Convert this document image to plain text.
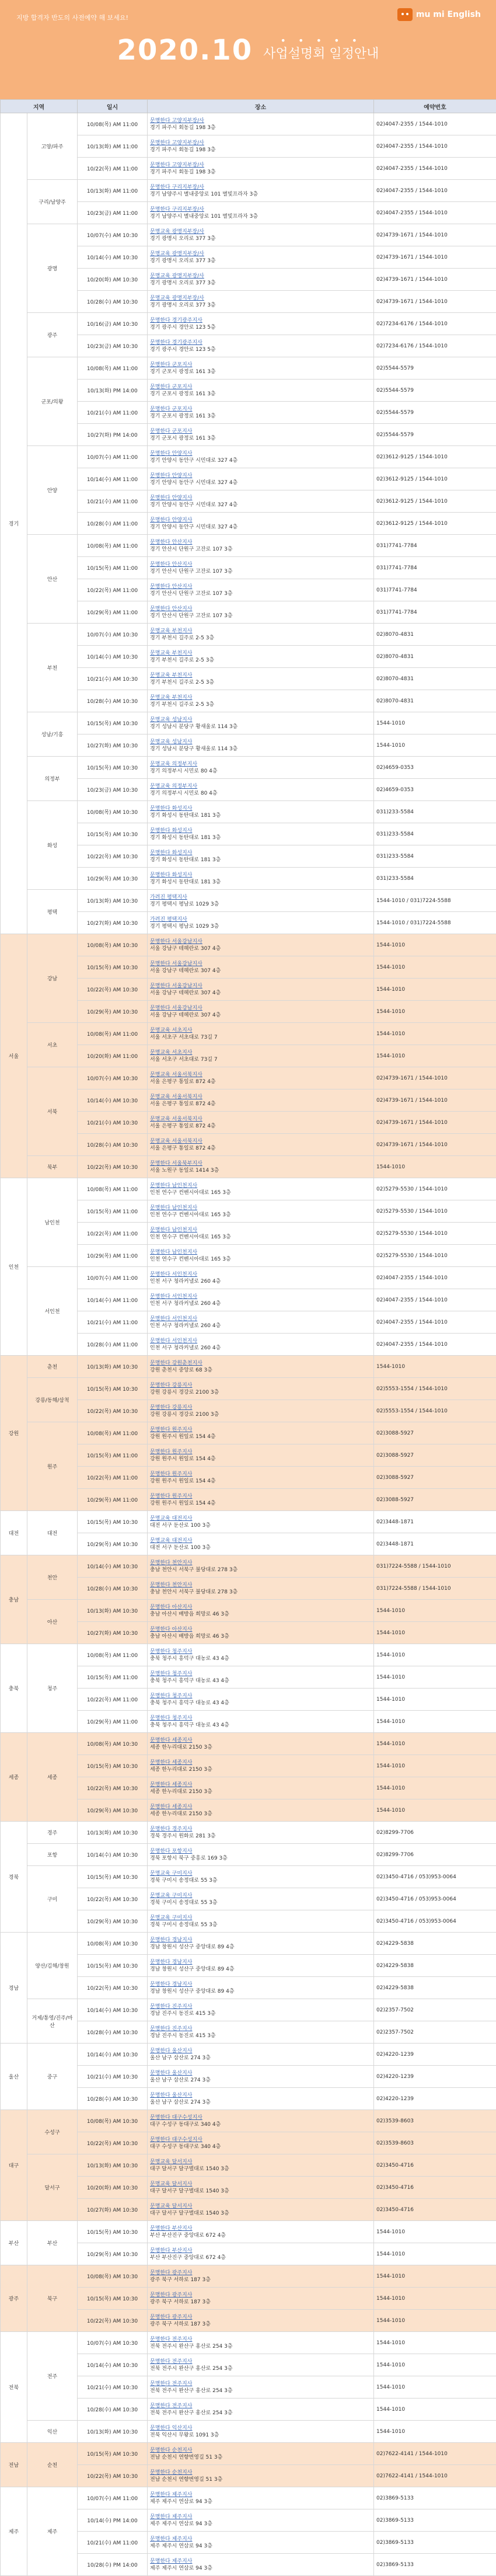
지방 합격자 반도의 사전예약 해 보세요!	mu mi English
2020.10	• • • • •
사업설명회 일정안내
지역		일시	장소	예약번호
경기	고양/파주	10/08(목) AM 11:00	문명한다 고양지부장/사
경기 파주시 회동길 198 3층	02)4047-2355 / 1544-1010
		10/13(화) AM 11:00	문명한다 고양지부장/사
경기 파주시 회동길 198 3층	02)4047-2355 / 1544-1010
		10/22(목) AM 11:00	문명한다 고양지부장/사
경기 파주시 회동길 198 3층	02)4047-2355 / 1544-1010
	구리/남양주	10/13(화) AM 11:00	문명한다 구리지부장/사
경기 남양주시 별내중앙로 101 별빛프라자 3층	02)4047-2355 / 1544-1010
		10/23(금) AM 11:00	문명한다 구리지부장/사
경기 남양주시 별내중앙로 101 별빛프라자 3층	02)4047-2355 / 1544-1010
	광명	10/07(수) AM 10:30	문명교육 광명지부장/사
경기 광명시 오리로 377 3층	02)4739-1671 / 1544-1010
		10/14(수) AM 10:30	문명교육 광명지부장/사
경기 광명시 오리로 377 3층	02)4739-1671 / 1544-1010
		10/20(화) AM 10:30	문명교육 광명지부장/사
경기 광명시 오리로 377 3층	02)4739-1671 / 1544-1010
		10/28(수) AM 10:30	문명교육 광명지부장/사
경기 광명시 오리로 377 3층	02)4739-1671 / 1544-1010
	광주	10/16(금) AM 10:30	문명한다 경기광주지사
경기 광주시 경안로 123 5층	02)7234-6176 / 1544-1010
		10/23(금) AM 10:30	문명한다 경기광주지사
경기 광주시 경안로 123 5층	02)7234-6176 / 1544-1010
	군포/의왕	10/08(목) AM 11:00	문명한다 군포지사
경기 군포시 광정로 161 3층	02)5544-5579
		10/13(화) PM 14:00	문명한다 군포지사
경기 군포시 광정로 161 3층	02)5544-5579
		10/21(수) AM 11:00	문명한다 군포지사
경기 군포시 광정로 161 3층	02)5544-5579
		10/27(화) PM 14:00	문명한다 군포지사
경기 군포시 광정로 161 3층	02)5544-5579
	안양	10/07(수) AM 11:00	문명한다 안양지사
경기 안양시 동안구 시민대로 327 4층	02)3612-9125 / 1544-1010
		10/14(수) AM 11:00	문명한다 안양지사
경기 안양시 동안구 시민대로 327 4층	02)3612-9125 / 1544-1010
		10/21(수) AM 11:00	문명한다 안양지사
경기 안양시 동안구 시민대로 327 4층	02)3612-9125 / 1544-1010
		10/28(수) AM 11:00	문명한다 안양지사
경기 안양시 동안구 시민대로 327 4층	02)3612-9125 / 1544-1010
	안산	10/08(목) AM 11:00	문명한다 안산지사
경기 안산시 단원구 고잔로 107 3층	031)7741-7784
		10/15(목) AM 11:00	문명한다 안산지사
경기 안산시 단원구 고잔로 107 3층	031)7741-7784
		10/22(목) AM 11:00	문명한다 안산지사
경기 안산시 단원구 고잔로 107 3층	031)7741-7784
		10/29(목) AM 11:00	문명한다 안산지사
경기 안산시 단원구 고잔로 107 3층	031)7741-7784
	부천	10/07(수) AM 10:30	문명교육 부천지사
경기 부천시 길주로 2-5 3층	02)8070-4831
		10/14(수) AM 10:30	문명교육 부천지사
경기 부천시 길주로 2-5 3층	02)8070-4831
		10/21(수) AM 10:30	문명교육 부천지사
경기 부천시 길주로 2-5 3층	02)8070-4831
		10/28(수) AM 10:30	문명교육 부천지사
경기 부천시 길주로 2-5 3층	02)8070-4831
	성남/기흥	10/15(목) AM 10:30	문명교육 성남지사
경기 성남시 분당구 황새울로 114 3층	1544-1010
		10/27(화) AM 10:30	문명교육 성남지사
경기 성남시 분당구 황새울로 114 3층	1544-1010
	의정부	10/15(목) AM 10:30	문명교육 의정부지사
경기 의정부시 시민로 80 4층	02)4659-0353
		10/23(금) AM 10:30	문명교육 의정부지사
경기 의정부시 시민로 80 4층	02)4659-0353
	화성	10/08(목) AM 10:30	문명한다 화성지사
경기 화성시 동탄대로 181 3층	031)233-5584
		10/15(목) AM 10:30	문명한다 화성지사
경기 화성시 동탄대로 181 3층	031)233-5584
		10/22(목) AM 10:30	문명한다 화성지사
경기 화성시 동탄대로 181 3층	031)233-5584
		10/29(목) AM 10:30	문명한다 화성지사
경기 화성시 동탄대로 181 3층	031)233-5584
	평택	10/13(화) AM 10:30	가려진 평택지사
경기 평택시 평남로 1029 3층	1544-1010 / 031)7224-5588
		10/27(화) AM 10:30	가려진 평택지사
경기 평택시 평남로 1029 3층	1544-1010 / 031)7224-5588
서울	강남	10/08(목) AM 10:30	문명한다 서울강남지사
서울 강남구 테헤란로 307 4층	1544-1010
		10/15(목) AM 10:30	문명한다 서울강남지사
서울 강남구 테헤란로 307 4층	1544-1010
		10/22(목) AM 10:30	문명한다 서울강남지사
서울 강남구 테헤란로 307 4층	1544-1010
		10/29(목) AM 10:30	문명한다 서울강남지사
서울 강남구 테헤란로 307 4층	1544-1010
	서초	10/08(목) AM 11:00	문명교육 서초지사
서울 서초구 서초대로 73길 7	1544-1010
		10/20(화) AM 11:00	문명교육 서초지사
서울 서초구 서초대로 73길 7	1544-1010
	서북	10/07(수) AM 10:30	문명교육 서울서북지사
서울 은평구 통일로 872 4층	02)4739-1671 / 1544-1010
		10/14(수) AM 10:30	문명교육 서울서북지사
서울 은평구 통일로 872 4층	02)4739-1671 / 1544-1010
		10/21(수) AM 10:30	문명교육 서울서북지사
서울 은평구 통일로 872 4층	02)4739-1671 / 1544-1010
		10/28(수) AM 10:30	문명교육 서울서북지사
서울 은평구 통일로 872 4층	02)4739-1671 / 1544-1010
	북부	10/22(목) AM 10:30	문명한다 서울북부지사
서울 노원구 동일로 1414 3층	1544-1010
인천	남인천	10/08(목) AM 11:00	문명한다 남인천지사
인천 연수구 컨벤시아대로 165 3층	02)5279-5530 / 1544-1010
		10/15(목) AM 11:00	문명한다 남인천지사
인천 연수구 컨벤시아대로 165 3층	02)5279-5530 / 1544-1010
		10/22(목) AM 11:00	문명한다 남인천지사
인천 연수구 컨벤시아대로 165 3층	02)5279-5530 / 1544-1010
		10/29(목) AM 11:00	문명한다 남인천지사
인천 연수구 컨벤시아대로 165 3층	02)5279-5530 / 1544-1010
	서인천	10/07(수) AM 11:00	문명한다 서인천지사
인천 서구 청라커낼로 260 4층	02)4047-2355 / 1544-1010
		10/14(수) AM 11:00	문명한다 서인천지사
인천 서구 청라커낼로 260 4층	02)4047-2355 / 1544-1010
		10/21(수) AM 11:00	문명한다 서인천지사
인천 서구 청라커낼로 260 4층	02)4047-2355 / 1544-1010
		10/28(수) AM 11:00	문명한다 서인천지사
인천 서구 청라커낼로 260 4층	02)4047-2355 / 1544-1010
강원	춘천	10/13(화) AM 10:30	문명한다 강원춘천지사
강원 춘천시 중앙로 68 3층	1544-1010
	강릉/동해/삼척	10/15(목) AM 10:30	문명한다 강릉지사
강원 강릉시 경강로 2100 3층	02)5553-1554 / 1544-1010
		10/22(목) AM 10:30	문명한다 강릉지사
강원 강릉시 경강로 2100 3층	02)5553-1554 / 1544-1010
	원주	10/08(목) AM 11:00	문명한다 원주지사
강원 원주시 원일로 154 4층	02)3088-5927
		10/15(목) AM 11:00	문명한다 원주지사
강원 원주시 원일로 154 4층	02)3088-5927
		10/22(목) AM 11:00	문명한다 원주지사
강원 원주시 원일로 154 4층	02)3088-5927
		10/29(목) AM 11:00	문명한다 원주지사
강원 원주시 원일로 154 4층	02)3088-5927
대전	대전	10/15(목) AM 10:30	문명교육 대전지사
대전 서구 둔산로 100 3층	02)3448-1871
		10/29(목) AM 10:30	문명교육 대전지사
대전 서구 둔산로 100 3층	02)3448-1871
충남	천안	10/14(수) AM 10:30	문명한다 천안지사
충남 천안시 서북구 불당대로 278 3층	031)7224-5588 / 1544-1010
		10/28(수) AM 10:30	문명한다 천안지사
충남 천안시 서북구 불당대로 278 3층	031)7224-5588 / 1544-1010
	아산	10/13(화) AM 10:30	문명한다 아산지사
충남 아산시 배방읍 희망로 46 3층	1544-1010
		10/27(화) AM 10:30	문명한다 아산지사
충남 아산시 배방읍 희망로 46 3층	1544-1010
충북	청주	10/08(목) AM 11:00	문명한다 청주지사
충북 청주시 흥덕구 대농로 43 4층	1544-1010
		10/15(목) AM 11:00	문명한다 청주지사
충북 청주시 흥덕구 대농로 43 4층	1544-1010
		10/22(목) AM 11:00	문명한다 청주지사
충북 청주시 흥덕구 대농로 43 4층	1544-1010
		10/29(목) AM 11:00	문명한다 청주지사
충북 청주시 흥덕구 대농로 43 4층	1544-1010
세종	세종	10/08(목) AM 10:30	문명한다 세종지사
세종 한누리대로 2150 3층	1544-1010
		10/15(목) AM 10:30	문명한다 세종지사
세종 한누리대로 2150 3층	1544-1010
		10/22(목) AM 10:30	문명한다 세종지사
세종 한누리대로 2150 3층	1544-1010
		10/29(목) AM 10:30	문명한다 세종지사
세종 한누리대로 2150 3층	1544-1010
경북	경주	10/13(화) AM 10:30	문명한다 경주지사
경북 경주시 원화로 281 3층	02)8299-7706
	포항	10/14(수) AM 10:30	문명한다 포항지사
경북 포항시 북구 중흥로 169 3층	02)8299-7706
	구미	10/15(목) AM 10:30	문명교육 구미지사
경북 구미시 송정대로 55 3층	02)3450-4716 / 053)953-0064
		10/22(목) AM 10:30	문명교육 구미지사
경북 구미시 송정대로 55 3층	02)3450-4716 / 053)953-0064
		10/29(목) AM 10:30	문명교육 구미지사
경북 구미시 송정대로 55 3층	02)3450-4716 / 053)953-0064
경남	양산/김해/창원	10/08(목) AM 10:30	문명한다 경남지사
경남 창원시 성산구 중앙대로 89 4층	02)4229-5838
		10/15(목) AM 10:30	문명한다 경남지사
경남 창원시 성산구 중앙대로 89 4층	02)4229-5838
		10/22(목) AM 10:30	문명한다 경남지사
경남 창원시 성산구 중앙대로 89 4층	02)4229-5838
	거제/통영/진주/마산	10/14(수) AM 10:30	문명한다 진주지사
경남 진주시 동진로 415 3층	02)2357-7502
		10/28(수) AM 10:30	문명한다 진주지사
경남 진주시 동진로 415 3층	02)2357-7502
울산	중구	10/14(수) AM 10:30	문명한다 울산지사
울산 남구 삼산로 274 3층	02)4220-1239
		10/21(수) AM 10:30	문명한다 울산지사
울산 남구 삼산로 274 3층	02)4220-1239
		10/28(수) AM 10:30	문명한다 울산지사
울산 남구 삼산로 274 3층	02)4220-1239
대구	수성구	10/08(목) AM 10:30	문명한다 대구수성지사
대구 수성구 동대구로 340 4층	02)3539-8603
		10/22(목) AM 10:30	문명한다 대구수성지사
대구 수성구 동대구로 340 4층	02)3539-8603
	달서구	10/13(화) AM 10:30	문명교육 달서지사
대구 달서구 달구벌대로 1540 3층	02)3450-4716
		10/20(화) AM 10:30	문명교육 달서지사
대구 달서구 달구벌대로 1540 3층	02)3450-4716
		10/27(화) AM 10:30	문명교육 달서지사
대구 달서구 달구벌대로 1540 3층	02)3450-4716
부산	부산	10/15(목) AM 10:30	문명한다 부산지사
부산 부산진구 중앙대로 672 4층	1544-1010
		10/29(목) AM 10:30	문명한다 부산지사
부산 부산진구 중앙대로 672 4층	1544-1010
광주	북구	10/08(목) AM 10:30	문명한다 광주지사
광주 북구 서하로 187 3층	1544-1010
		10/15(목) AM 10:30	문명한다 광주지사
광주 북구 서하로 187 3층	1544-1010
		10/22(목) AM 10:30	문명한다 광주지사
광주 북구 서하로 187 3층	1544-1010
전북	전주	10/07(수) AM 10:30	문명한다 전주지사
전북 전주시 완산구 홍산로 254 3층	1544-1010
		10/14(수) AM 10:30	문명한다 전주지사
전북 전주시 완산구 홍산로 254 3층	1544-1010
		10/21(수) AM 10:30	문명한다 전주지사
전북 전주시 완산구 홍산로 254 3층	1544-1010
		10/28(수) AM 10:30	문명한다 전주지사
전북 전주시 완산구 홍산로 254 3층	1544-1010
	익산	10/13(화) AM 10:30	문명한다 익산지사
전북 익산시 무왕로 1091 3층	1544-1010
전남	순천	10/15(목) AM 10:30	문명한다 순천지사
전남 순천시 연향번영길 51 3층	02)7622-4141 / 1544-1010
		10/22(목) AM 10:30	문명한다 순천지사
전남 순천시 연향번영길 51 3층	02)7622-4141 / 1544-1010
제주	제주	10/07(수) AM 11:00	문명한다 제주지사
제주 제주시 연삼로 94 3층	02)3869-5133
		10/14(수) PM 14:00	문명한다 제주지사
제주 제주시 연삼로 94 3층	02)3869-5133
		10/21(수) AM 11:00	문명한다 제주지사
제주 제주시 연삼로 94 3층	02)3869-5133
		10/28(수) PM 14:00	문명한다 제주지사
제주 제주시 연삼로 94 3층	02)3869-5133
